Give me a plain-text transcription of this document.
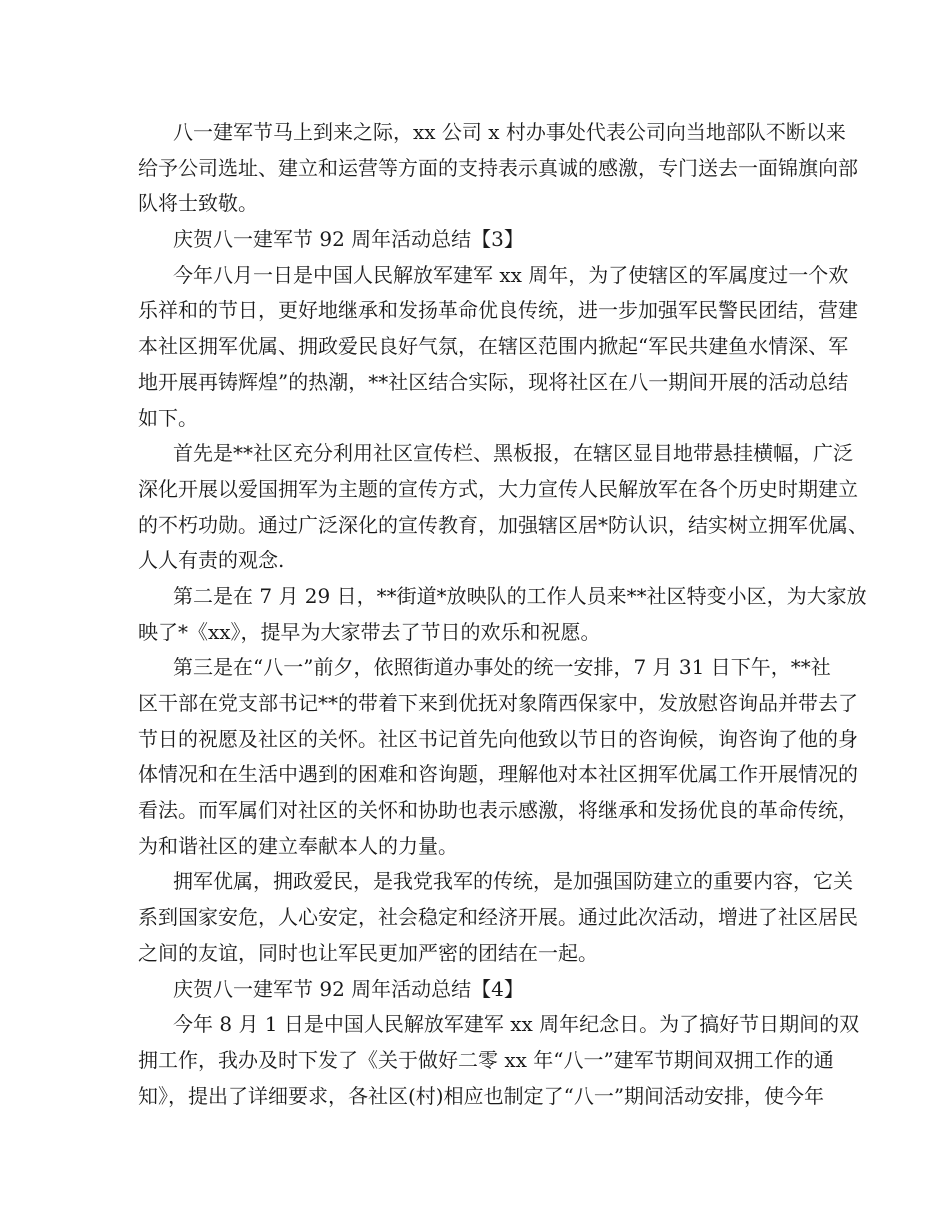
八一建军节马上到来之际，xx 公司 x 村办事处代表公司向当地部队不断以来
给予公司选址、建立和运营等方面的支持表示真诚的感激，专门送去一面锦旗向部
队将士致敬。
庆贺八一建军节 92 周年活动总结【3】
今年八月一日是中国人民解放军建军 xx 周年，为了使辖区的军属度过一个欢
乐祥和的节日，更好地继承和发扬革命优良传统，进一步加强军民警民团结，营建
本社区拥军优属、拥政爱民良好气氛，在辖区范围内掀起“军民共建鱼水情深、军
地开展再铸辉煌”的热潮，**社区结合实际，现将社区在八一期间开展的活动总结
如下。
首先是**社区充分利用社区宣传栏、黑板报，在辖区显目地带悬挂横幅，广泛
深化开展以爱国拥军为主题的宣传方式，大力宣传人民解放军在各个历史时期建立
的不朽功勋。通过广泛深化的宣传教育，加强辖区居*防认识，结实树立拥军优属、
人人有责的观念.
第二是在 7 月 29 日，**街道*放映队的工作人员来**社区特变小区，为大家放
映了*《xx》，提早为大家带去了节日的欢乐和祝愿。
第三是在“八一”前夕，依照街道办事处的统一安排，7 月 31 日下午，**社
区干部在党支部书记**的带着下来到优抚对象隋西保家中，发放慰咨询品并带去了
节日的祝愿及社区的关怀。社区书记首先向他致以节日的咨询候，询咨询了他的身
体情况和在生活中遇到的困难和咨询题，理解他对本社区拥军优属工作开展情况的
看法。而军属们对社区的关怀和协助也表示感激，将继承和发扬优良的革命传统，
为和谐社区的建立奉献本人的力量。
拥军优属，拥政爱民，是我党我军的传统，是加强国防建立的重要内容，它关
系到国家安危，人心安定，社会稳定和经济开展。通过此次活动，增进了社区居民
之间的友谊，同时也让军民更加严密的团结在一起。
庆贺八一建军节 92 周年活动总结【4】
今年 8 月 1 日是中国人民解放军建军 xx 周年纪念日。为了搞好节日期间的双
拥工作，我办及时下发了《关于做好二零 xx 年“八一”建军节期间双拥工作的通
知》，提出了详细要求，各社区(村)相应也制定了“八一”期间活动安排，使今年
